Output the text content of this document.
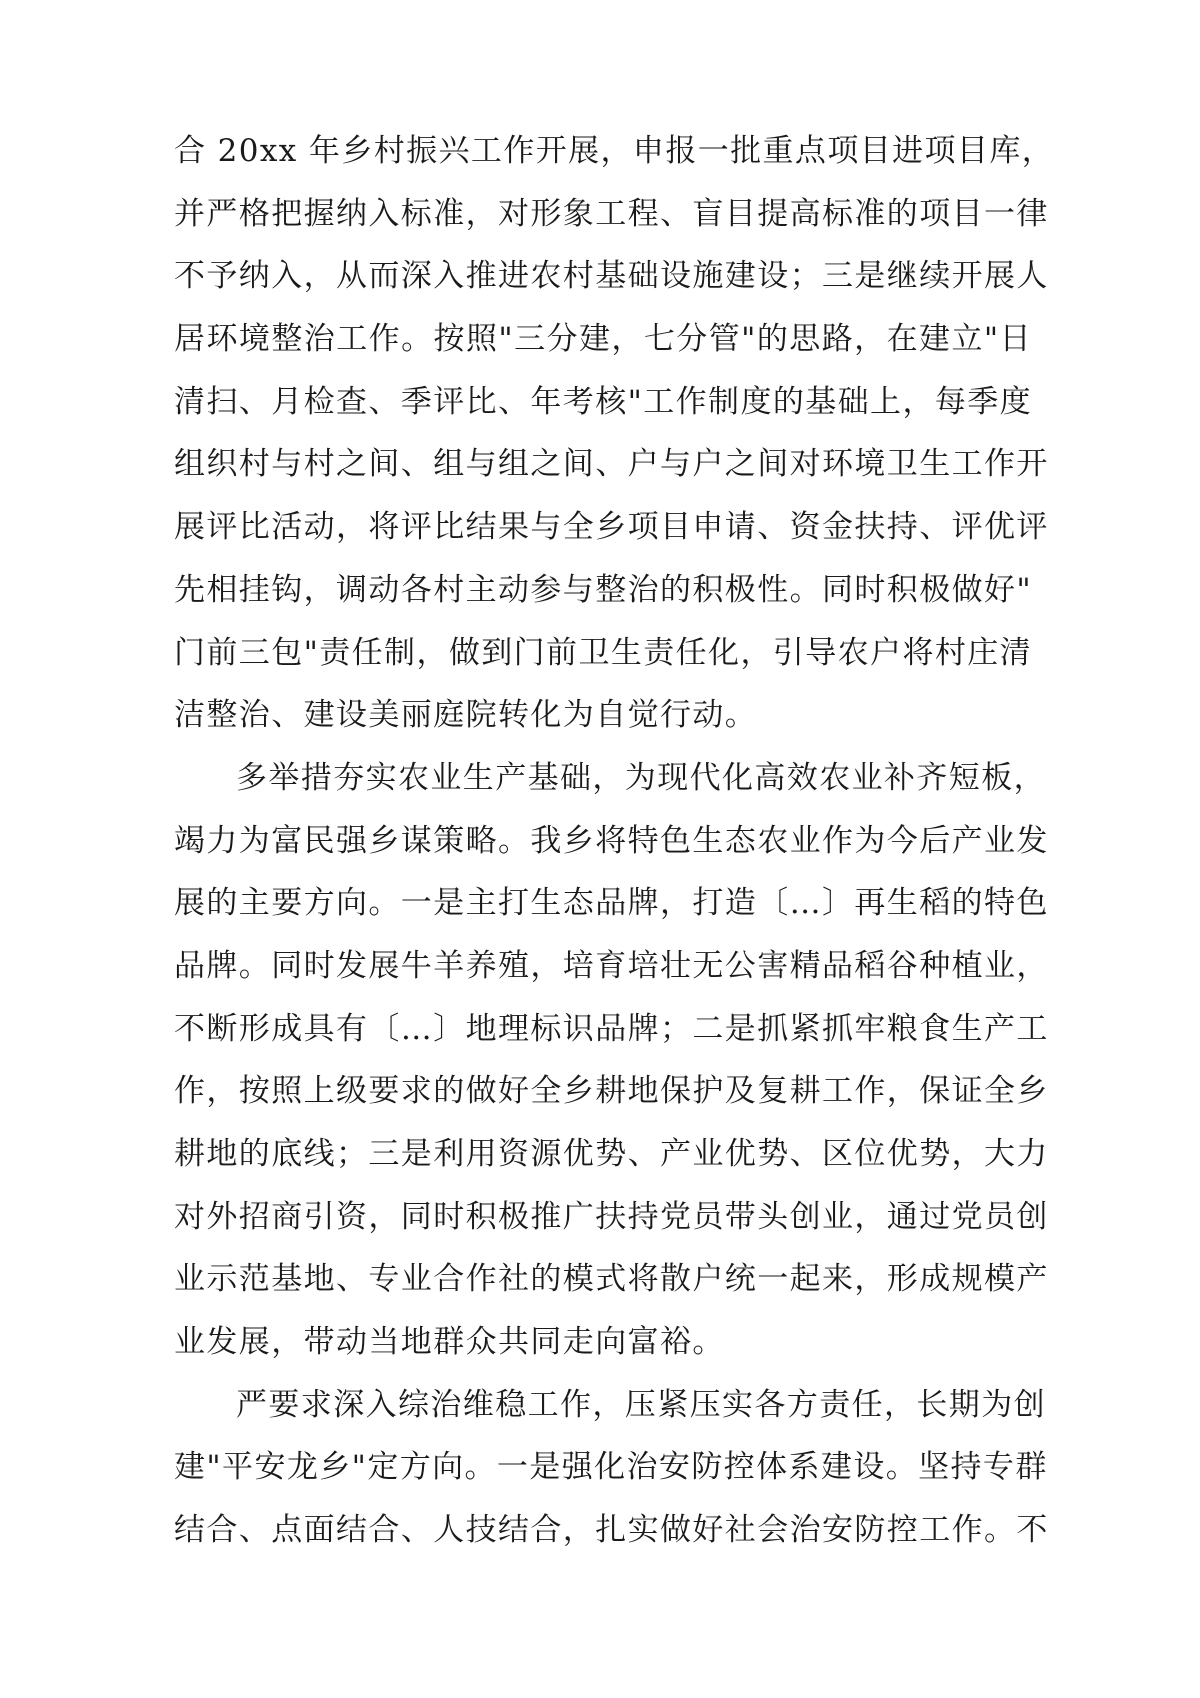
合 20xx 年乡村振兴工作开展，申报一批重点项目进项目库，
并严格把握纳入标准，对形象工程、盲目提高标准的项目一律
不予纳入，从而深入推进农村基础设施建设；三是继续开展人
居环境整治工作。按照"三分建，七分管"的思路，在建立"日
清扫、月检查、季评比、年考核"工作制度的基础上，每季度
组织村与村之间、组与组之间、户与户之间对环境卫生工作开
展评比活动，将评比结果与全乡项目申请、资金扶持、评优评
先相挂钩，调动各村主动参与整治的积极性。同时积极做好"
门前三包"责任制，做到门前卫生责任化，引导农户将村庄清
洁整治、建设美丽庭院转化为自觉行动。
多举措夯实农业生产基础，为现代化高效农业补齐短板，
竭力为富民强乡谋策略。我乡将特色生态农业作为今后产业发
展的主要方向。一是主打生态品牌，打造〔…〕再生稻的特色
品牌。同时发展牛羊养殖，培育培壮无公害精品稻谷种植业，
不断形成具有〔…〕地理标识品牌；二是抓紧抓牢粮食生产工
作，按照上级要求的做好全乡耕地保护及复耕工作，保证全乡
耕地的底线；三是利用资源优势、产业优势、区位优势，大力
对外招商引资，同时积极推广扶持党员带头创业，通过党员创
业示范基地、专业合作社的模式将散户统一起来，形成规模产
业发展，带动当地群众共同走向富裕。
严要求深入综治维稳工作，压紧压实各方责任，长期为创
建"平安龙乡"定方向。一是强化治安防控体系建设。坚持专群
结合、点面结合、人技结合，扎实做好社会治安防控工作。不
